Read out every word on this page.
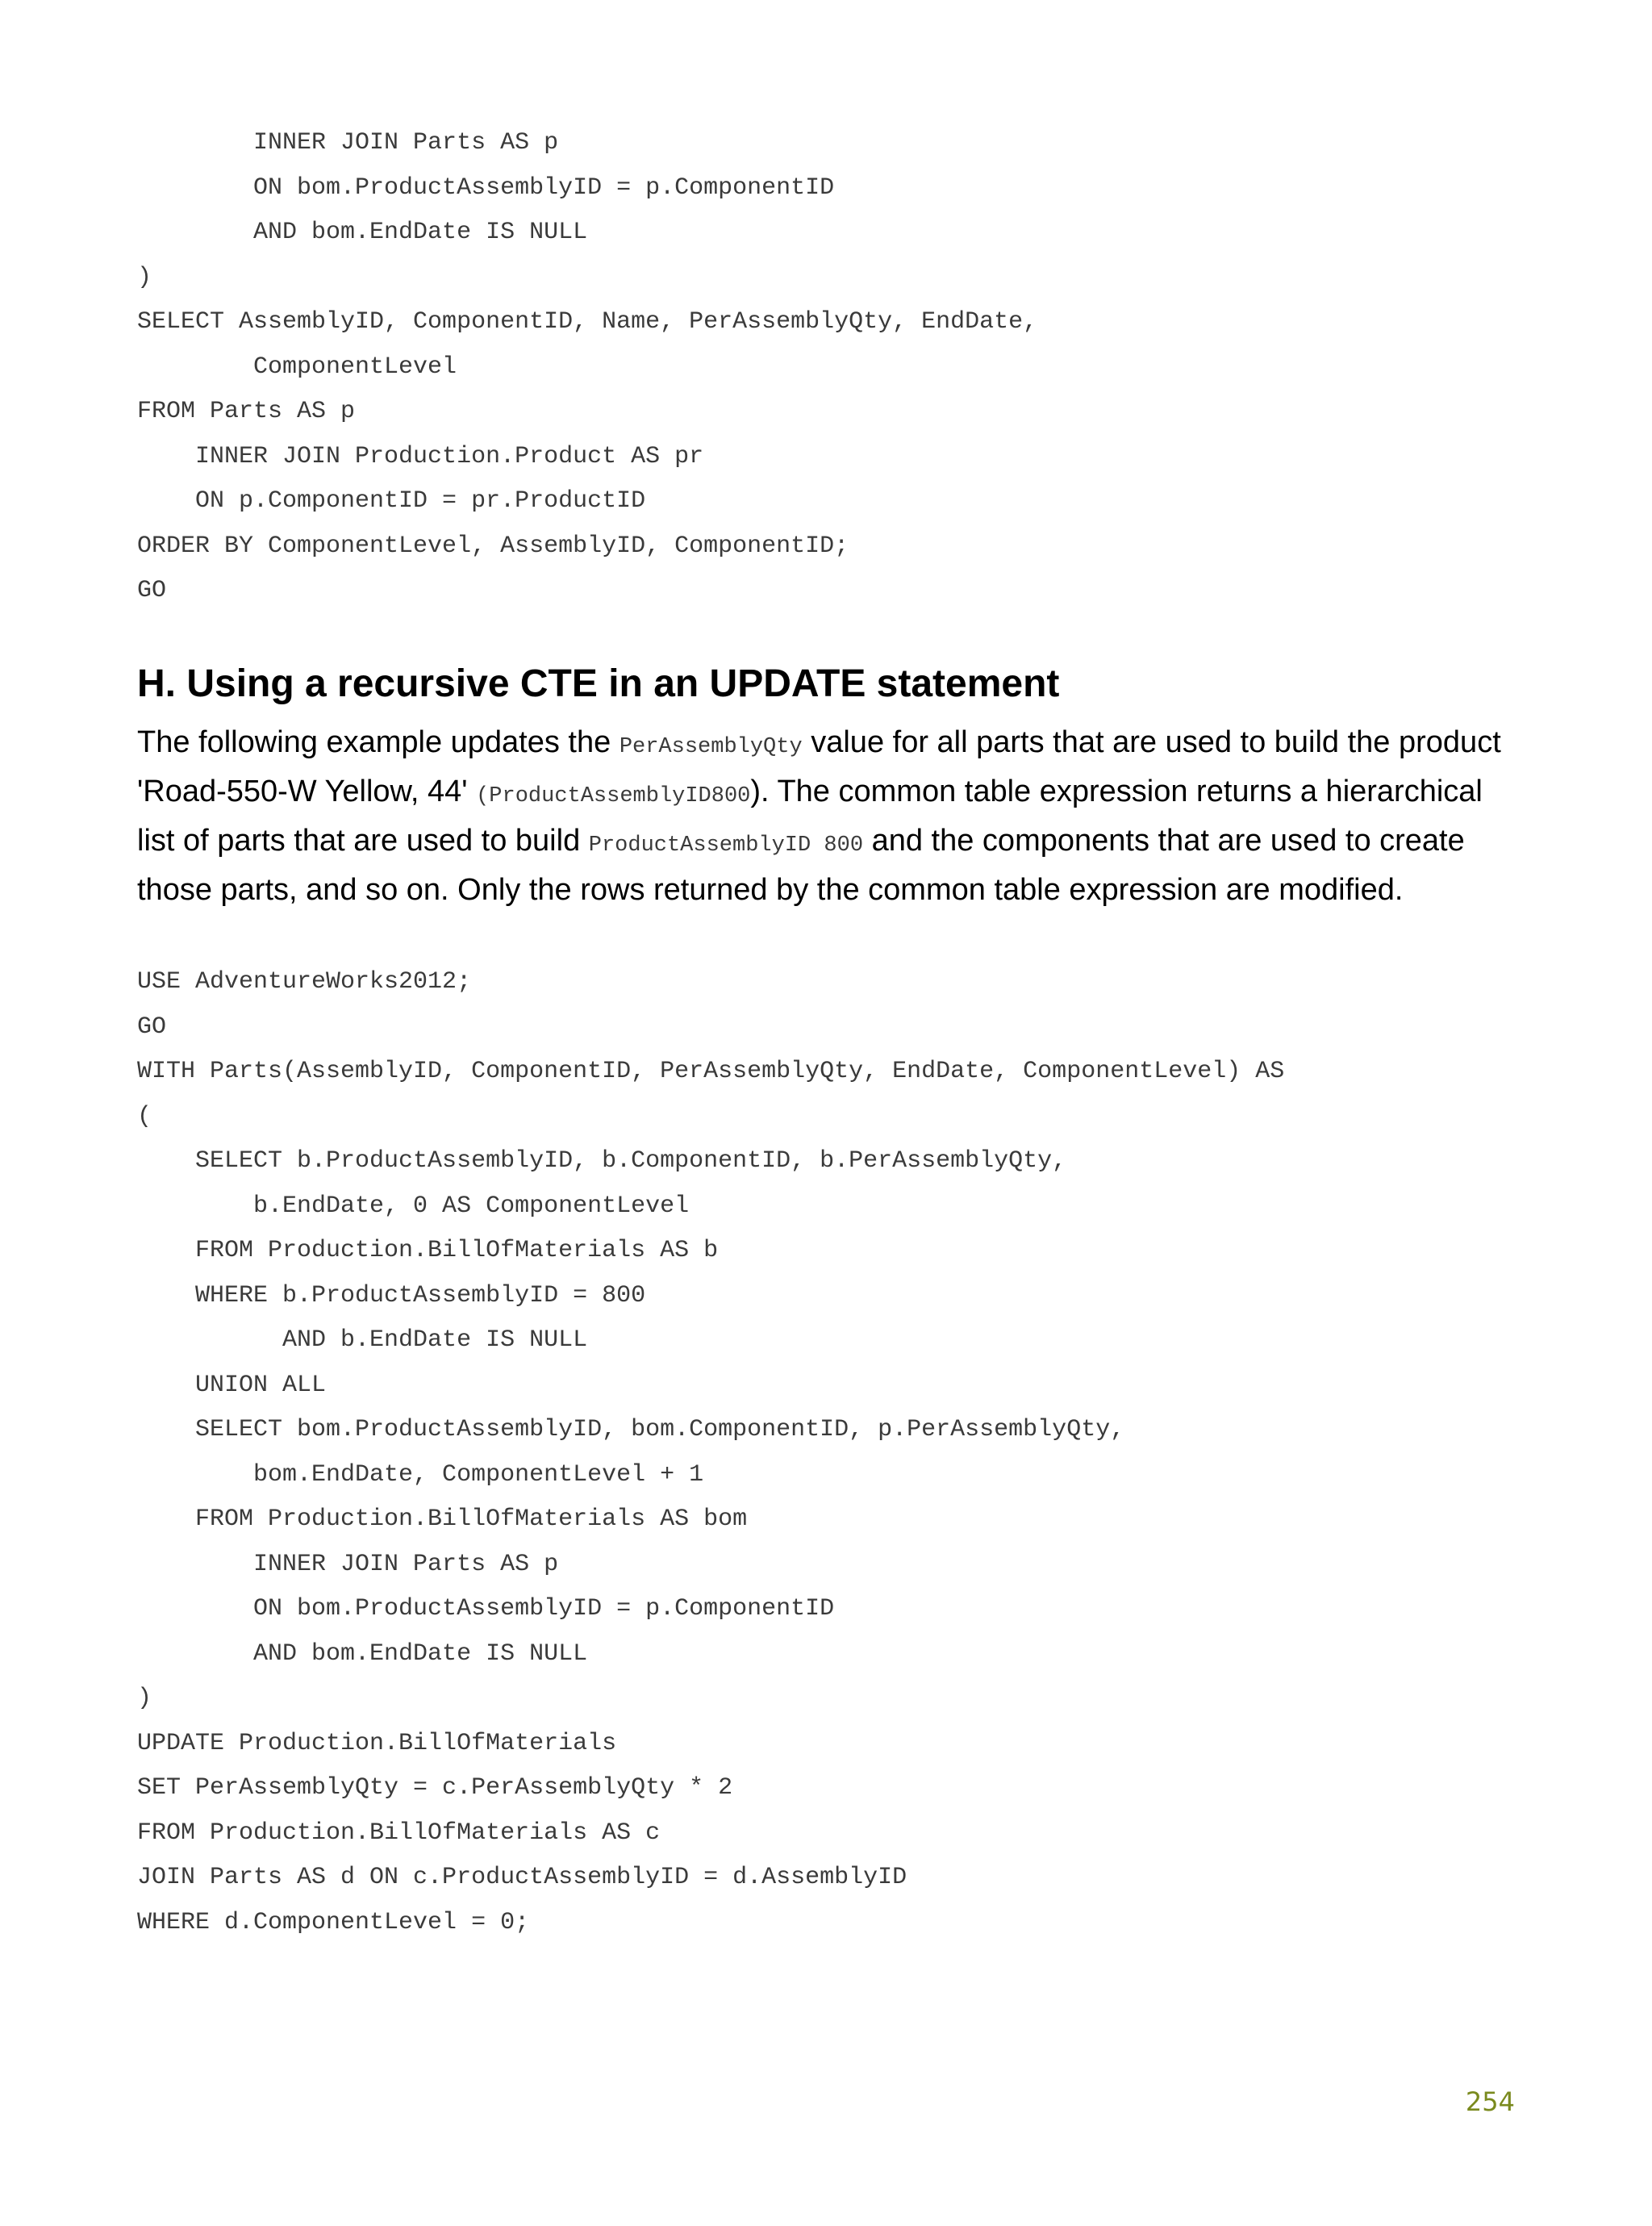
INNER JOIN Parts AS p
ON bom.ProductAssemblyID = p.ComponentID
AND bom.EndDate IS NULL
)
SELECT AssemblyID, ComponentID, Name, PerAssemblyQty, EndDate,
ComponentLevel
FROM Parts AS p
INNER JOIN Production.Product AS pr
ON p.ComponentID = pr.ProductID
ORDER BY ComponentLevel, AssemblyID, ComponentID;
GO
H. Using a recursive CTE in an UPDATE statement

The following example updates the PerAssemblyQty value for all parts that are used to build the product 'Road-550-W Yellow, 44' (ProductAssemblyID800). The common table expression returns a hierarchical list of parts that are used to build ProductAssemblyID 800 and the components that are used to create those parts, and so on. Only the rows returned by the common table expression are modified.

USE AdventureWorks2012;
GO
WITH Parts(AssemblyID, ComponentID, PerAssemblyQty, EndDate, ComponentLevel) AS
(
SELECT b.ProductAssemblyID, b.ComponentID, b.PerAssemblyQty,
b.EndDate, 0 AS ComponentLevel
FROM Production.BillOfMaterials AS b
WHERE b.ProductAssemblyID = 800
AND b.EndDate IS NULL
UNION ALL
SELECT bom.ProductAssemblyID, bom.ComponentID, p.PerAssemblyQty,
bom.EndDate, ComponentLevel + 1
FROM Production.BillOfMaterials AS bom
INNER JOIN Parts AS p
ON bom.ProductAssemblyID = p.ComponentID
AND bom.EndDate IS NULL
)
UPDATE Production.BillOfMaterials
SET PerAssemblyQty = c.PerAssemblyQty * 2
FROM Production.BillOfMaterials AS c
JOIN Parts AS d ON c.ProductAssemblyID = d.AssemblyID
WHERE d.ComponentLevel = 0;
254
